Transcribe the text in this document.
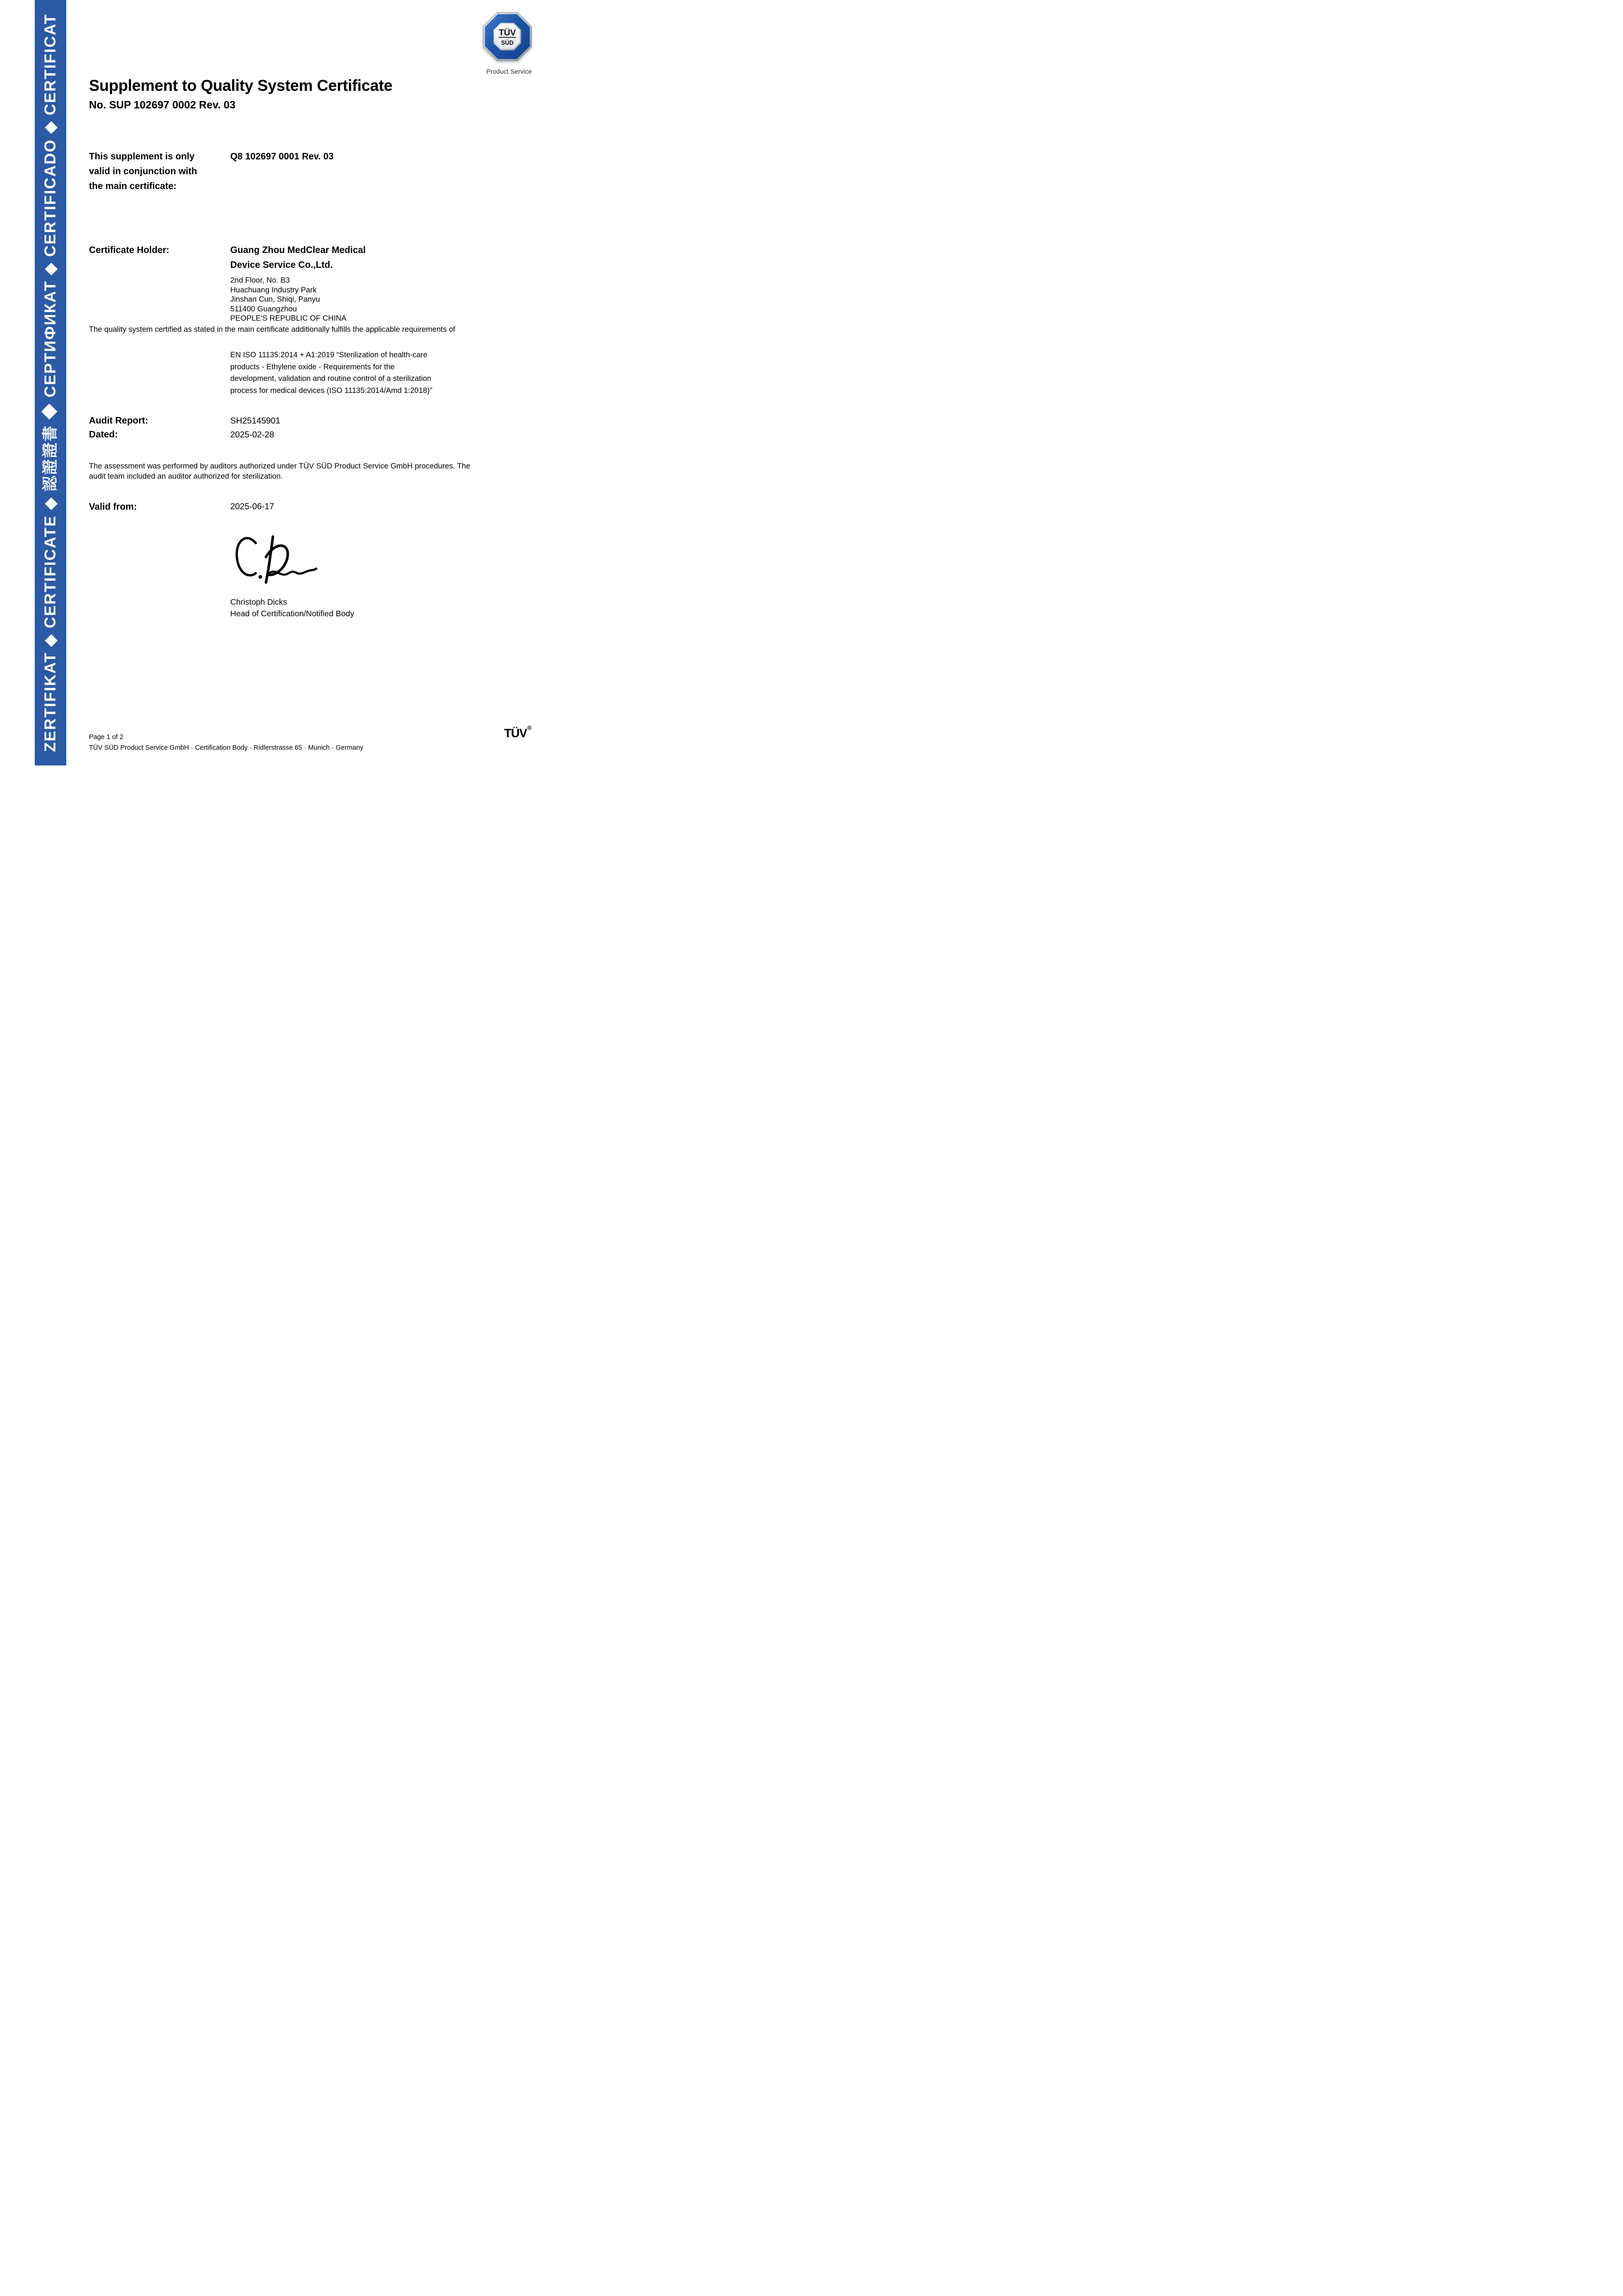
ZERTIFIKAT ◆ CERTIFICATE ◆ 認證證書 ◆ СЕРТИФИКАТ ◆ CERTIFICADO ◆ CERTIFICAT	TÜV
SÜD
Product Service
Supplement to Quality System Certificate
No. SUP 102697 0002 Rev. 03
This supplement is only valid in conjunction with the main certificate:
Q8 102697 0001 Rev. 03
Certificate Holder:	Guang Zhou MedClear Medical
Device Service Co.,Ltd.
2nd Floor, No. B3
Huachuang Industry Park
Jinshan Cun, Shiqi, Panyu
511400 Guangzhou
PEOPLE'S REPUBLIC OF CHINA
The quality system certified as stated in the main certificate additionally fulfills the applicable requirements of
EN ISO 11135:2014 + A1:2019 “Sterilization of health-care
products - Ethylene oxide - Requirements for the
development, validation and routine control of a sterilization
process for medical devices (ISO 11135:2014/Amd 1:2018)”
Audit Report:	SH25145901
Dated:	2025-02-28
The assessment was performed by auditors authorized under TÜV SÜD Product Service GmbH procedures. The audit team included an auditor authorized for sterilization.
Valid from:	2025-06-17
Christoph Dicks
Head of Certification/Notified Body
Page 1 of 2
TÜV SÜD Product Service GmbH · Certification Body · Ridlerstrasse 65 · Munich · Germany
TÜV®
